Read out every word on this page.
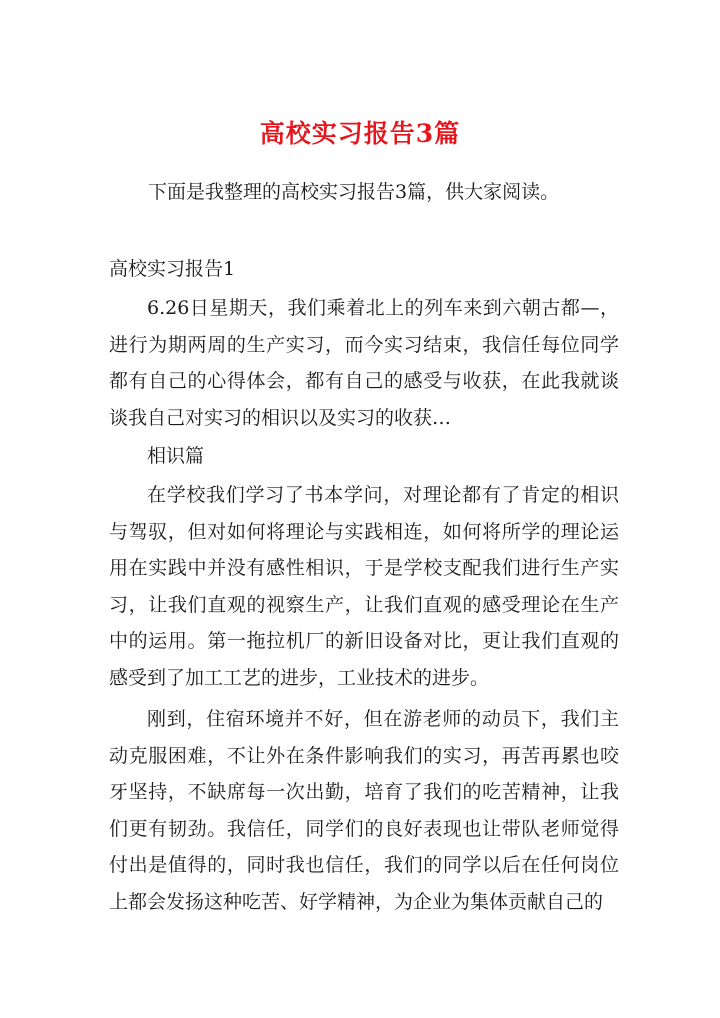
高校实习报告3篇
下面是我整理的高校实习报告3篇，供大家阅读。
高校实习报告1

6.26日星期天，我们乘着北上的列车来到六朝古都—，进行为期两周的生产实习，而今实习结束，我信任每位同学都有自己的心得体会，都有自己的感受与收获，在此我就谈谈我自己对实习的相识以及实习的收获…

相识篇

在学校我们学习了书本学问，对理论都有了肯定的相识与驾驭，但对如何将理论与实践相连，如何将所学的理论运用在实践中并没有感性相识，于是学校支配我们进行生产实习，让我们直观的视察生产，让我们直观的感受理论在生产中的运用。第一拖拉机厂的新旧设备对比，更让我们直观的感受到了加工工艺的进步，工业技术的进步。

刚到，住宿环境并不好，但在游老师的动员下，我们主动克服困难，不让外在条件影响我们的实习，再苦再累也咬牙坚持，不缺席每一次出勤，培育了我们的吃苦精神，让我们更有韧劲。我信任，同学们的良好表现也让带队老师觉得付出是值得的，同时我也信任，我们的同学以后在任何岗位上都会发扬这种吃苦、好学精神，为企业为集体贡献自己的
